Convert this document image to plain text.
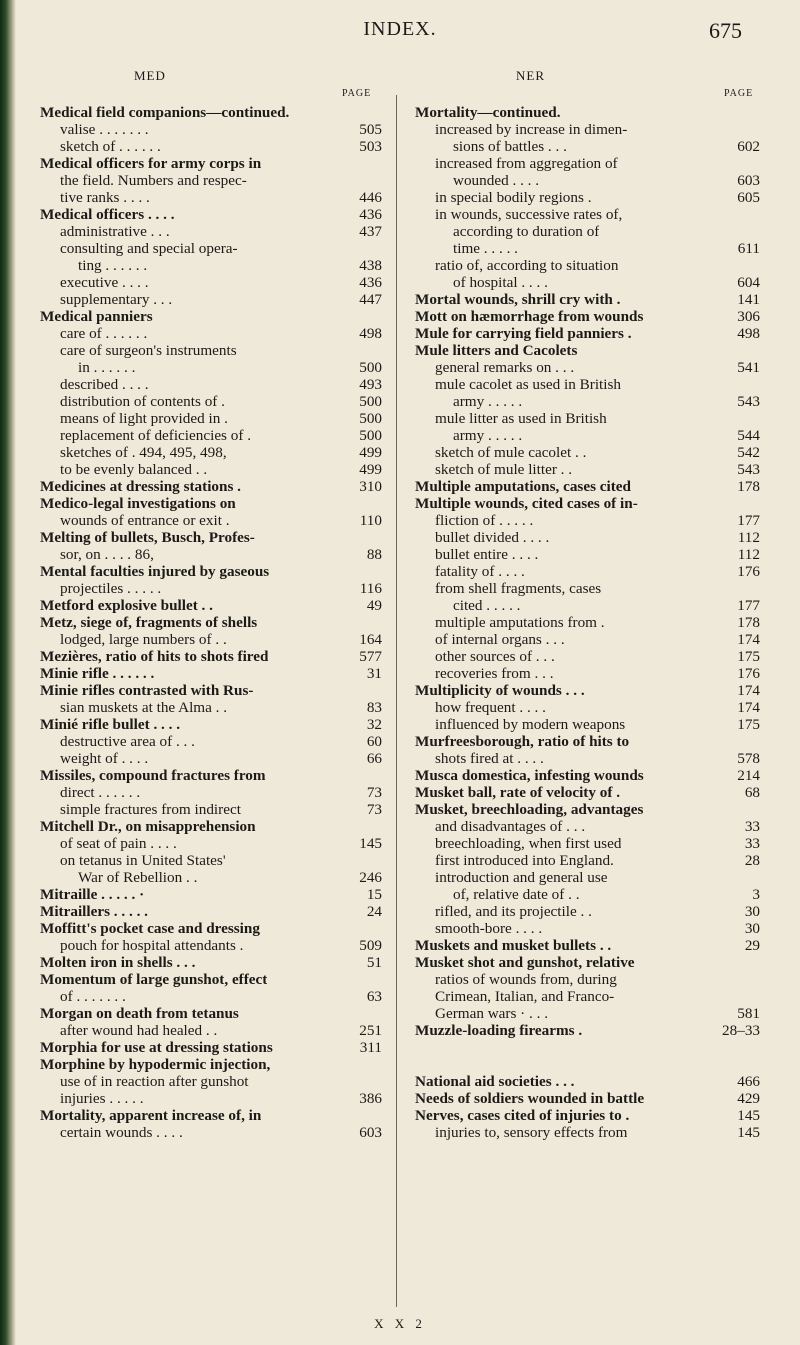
INDEX.	675
MED	NER
PAGE	PAGE
Medical field companions—continued.
valise . . . . . . .	505
sketch of . . . . . .	503
Medical officers for army corps in
the field. Numbers and respec-
tive ranks . . . .	446
Medical officers . . . .	436
administrative . . .	437
consulting and special opera-
ting . . . . . .	438
executive . . . .	436
supplementary . . .	447
Medical panniers
care of . . . . . .	498
care of surgeon's instruments
in . . . . . .	500
described . . . .	493
distribution of contents of .	500
means of light provided in .	500
replacement of deficiencies of .	500
sketches of . 494, 495, 498,	499
to be evenly balanced . .	499
Medicines at dressing stations .	310
Medico-legal investigations on
wounds of entrance or exit .	110
Melting of bullets, Busch, Profes-
sor, on . . . . 86,	88
Mental faculties injured by gaseous
projectiles . . . . .	116
Metford explosive bullet . .	49
Metz, siege of, fragments of shells
lodged, large numbers of . .	164
Mezières, ratio of hits to shots fired	577
Minie rifle . . . . . .	31
Minie rifles contrasted with Rus-
sian muskets at the Alma . .	83
Minié rifle bullet . . . .	32
destructive area of . . .	60
weight of . . . .	66
Missiles, compound fractures from
direct . . . . . .	73
simple fractures from indirect	73
Mitchell Dr., on misapprehension
of seat of pain . . . .	145
on tetanus in United States'
War of Rebellion . .	246
Mitraille . . . . . ·	15
Mitraillers . . . . .	24
Moffitt's pocket case and dressing
pouch for hospital attendants .	509
Molten iron in shells . . .	51
Momentum of large gunshot, effect
of . . . . . . .	63
Morgan on death from tetanus
after wound had healed . .	251
Morphia for use at dressing stations	311
Morphine by hypodermic injection,
use of in reaction after gunshot
injuries . . . . .	386
Mortality, apparent increase of, in
certain wounds . . . .	603
Mortality—continued.
increased by increase in dimen-
sions of battles . . .	602
increased from aggregation of
wounded . . . .	603
in special bodily regions .	605
in wounds, successive rates of,
according to duration of
time . . . . .	611
ratio of, according to situation
of hospital . . . .	604
Mortal wounds, shrill cry with .	141
Mott on hæmorrhage from wounds	306
Mule for carrying field panniers .	498
Mule litters and Cacolets
general remarks on . . .	541
mule cacolet as used in British
army . . . . .	543
mule litter as used in British
army . . . . .	544
sketch of mule cacolet . .	542
sketch of mule litter . .	543
Multiple amputations, cases cited	178
Multiple wounds, cited cases of in-
fliction of . . . . .	177
bullet divided . . . .	112
bullet entire . . . .	112
fatality of . . . .	176
from shell fragments, cases
cited . . . . .	177
multiple amputations from .	178
of internal organs . . .	174
other sources of . . .	175
recoveries from . . .	176
Multiplicity of wounds . . .	174
how frequent . . . .	174
influenced by modern weapons	175
Murfreesborough, ratio of hits to
shots fired at . . . .	578
Musca domestica, infesting wounds	214
Musket ball, rate of velocity of .	68
Musket, breechloading, advantages
and disadvantages of . . .	33
breechloading, when first used	33
first introduced into England.	28
introduction and general use
of, relative date of . .	3
rifled, and its projectile . .	30
smooth-bore . . . .	30
Muskets and musket bullets . .	29
Musket shot and gunshot, relative
ratios of wounds from, during
Crimean, Italian, and Franco-
German wars · . . .	581
Muzzle-loading firearms .	28–33
National aid societies . . .	466
Needs of soldiers wounded in battle	429
Nerves, cases cited of injuries to .	145
injuries to, sensory effects from	145
X X 2
